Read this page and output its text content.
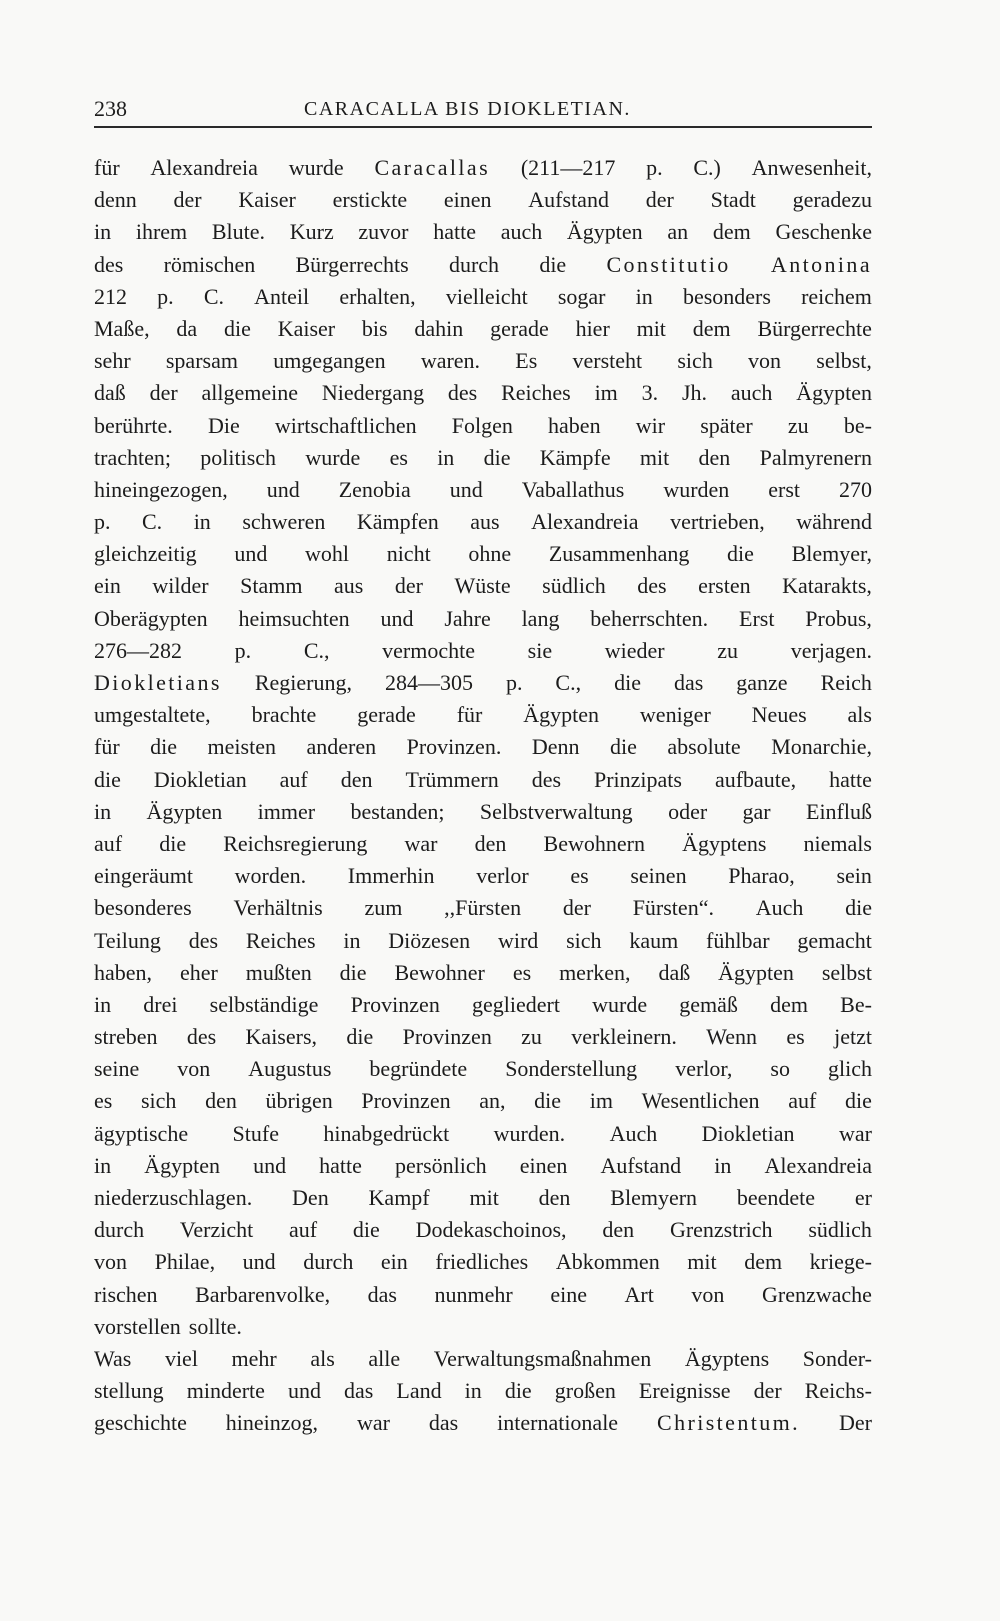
238	CARACALLA BIS DIOKLETIAN.
für Alexandreia wurde Caracallas (211—217 p. C.) Anwesenheit,
denn der Kaiser erstickte einen Aufstand der Stadt geradezu
in ihrem Blute. Kurz zuvor hatte auch Ägypten an dem Geschenke
des römischen Bürgerrechts durch die Constitutio Antonina
212 p. C. Anteil erhalten, vielleicht sogar in besonders reichem
Maße, da die Kaiser bis dahin gerade hier mit dem Bürgerrechte
sehr sparsam umgegangen waren. Es versteht sich von selbst,
daß der allgemeine Niedergang des Reiches im 3. Jh. auch Ägypten
berührte. Die wirtschaftlichen Folgen haben wir später zu be-
trachten; politisch wurde es in die Kämpfe mit den Palmyrenern
hineingezogen, und Zenobia und Vaballathus wurden erst 270
p. C. in schweren Kämpfen aus Alexandreia vertrieben, während
gleichzeitig und wohl nicht ohne Zusammenhang die Blemyer,
ein wilder Stamm aus der Wüste südlich des ersten Katarakts,
Oberägypten heimsuchten und Jahre lang beherrschten. Erst Probus,
276—282 p. C., vermochte sie wieder zu verjagen.
Diokletians Regierung, 284—305 p. C., die das ganze Reich
umgestaltete, brachte gerade für Ägypten weniger Neues als
für die meisten anderen Provinzen. Denn die absolute Monarchie,
die Diokletian auf den Trümmern des Prinzipats aufbaute, hatte
in Ägypten immer bestanden; Selbstverwaltung oder gar Einfluß
auf die Reichsregierung war den Bewohnern Ägyptens niemals
eingeräumt worden. Immerhin verlor es seinen Pharao, sein
besonderes Verhältnis zum ,,Fürsten der Fürsten“. Auch die
Teilung des Reiches in Diözesen wird sich kaum fühlbar gemacht
haben, eher mußten die Bewohner es merken, daß Ägypten selbst
in drei selbständige Provinzen gegliedert wurde gemäß dem Be-
streben des Kaisers, die Provinzen zu verkleinern. Wenn es jetzt
seine von Augustus begründete Sonderstellung verlor, so glich
es sich den übrigen Provinzen an, die im Wesentlichen auf die
ägyptische Stufe hinabgedrückt wurden. Auch Diokletian war
in Ägypten und hatte persönlich einen Aufstand in Alexandreia
niederzuschlagen. Den Kampf mit den Blemyern beendete er
durch Verzicht auf die Dodekaschoinos, den Grenzstrich südlich
von Philae, und durch ein friedliches Abkommen mit dem kriege-
rischen Barbarenvolke, das nunmehr eine Art von Grenzwache
vorstellen sollte.
Was viel mehr als alle Verwaltungsmaßnahmen Ägyptens Sonder-
stellung minderte und das Land in die großen Ereignisse der Reichs-
geschichte hineinzog, war das internationale Christentum. Der
